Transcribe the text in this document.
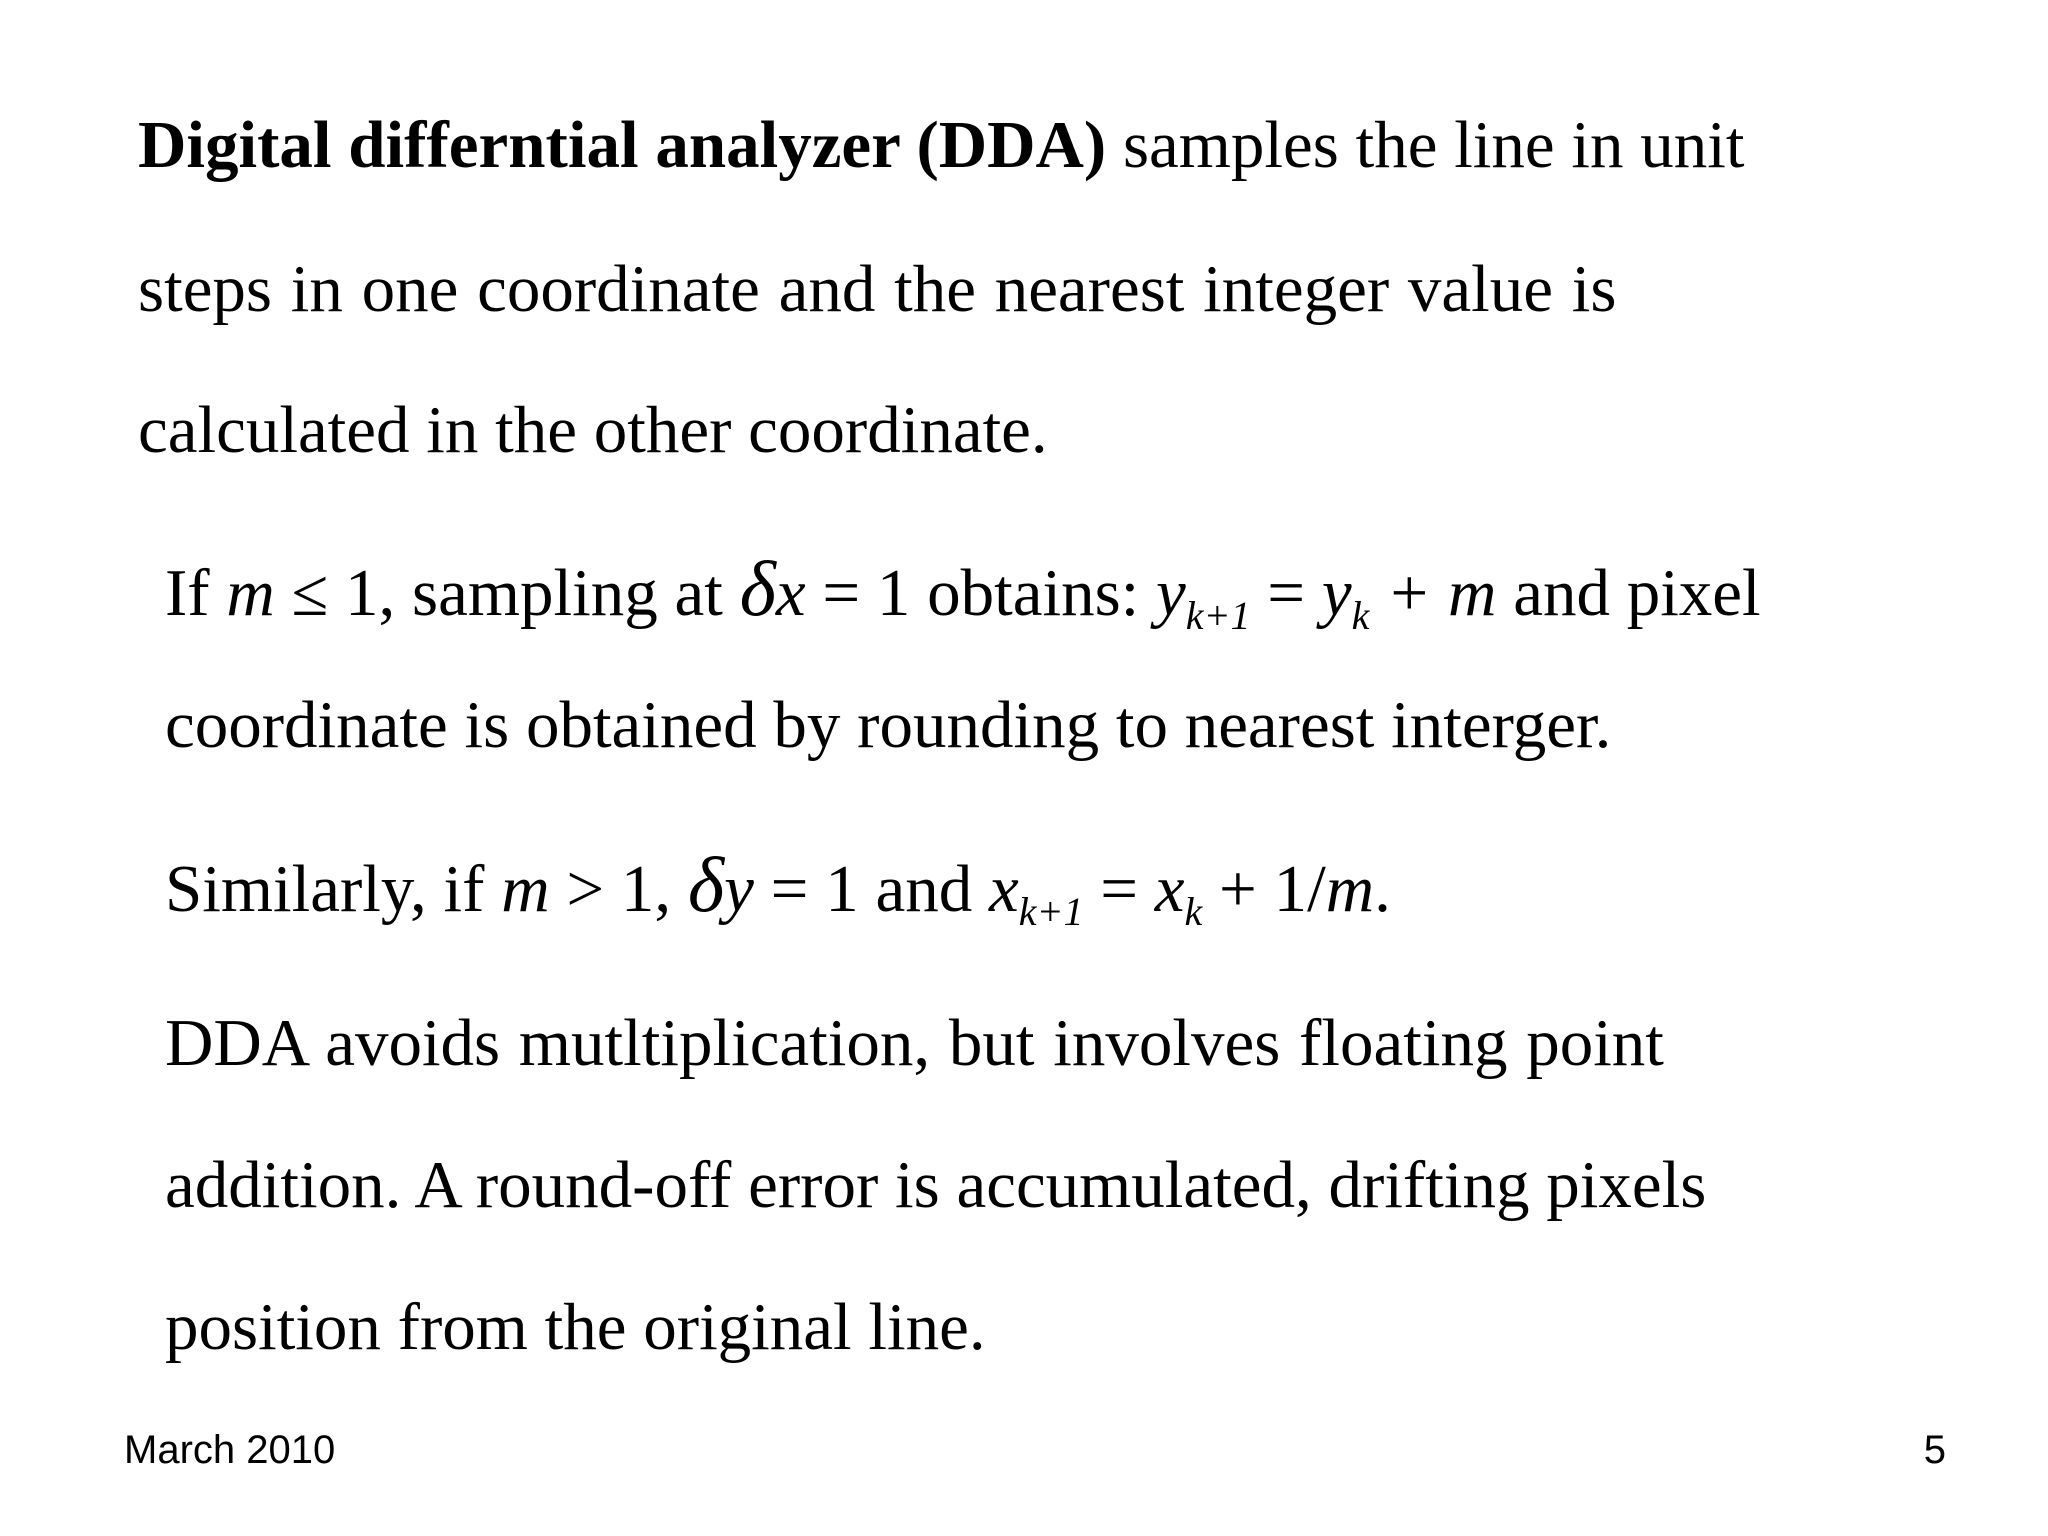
Digital differntial analyzer (DDA) samples the line in unit
steps in one coordinate and the nearest integer value is
calculated in the other coordinate.
If m ≤ 1, sampling at δx = 1 obtains: $y_{k+1} = y_k + m$ and pixel
coordinate is obtained by rounding to nearest interger.
Similarly, if m > 1, δy = 1 and $x_{k+1} = x_k + 1/m$.
DDA avoids mutltiplication, but involves floating point
addition. A round-off error is accumulated, drifting pixels
position from the original line.
March 2010	5
